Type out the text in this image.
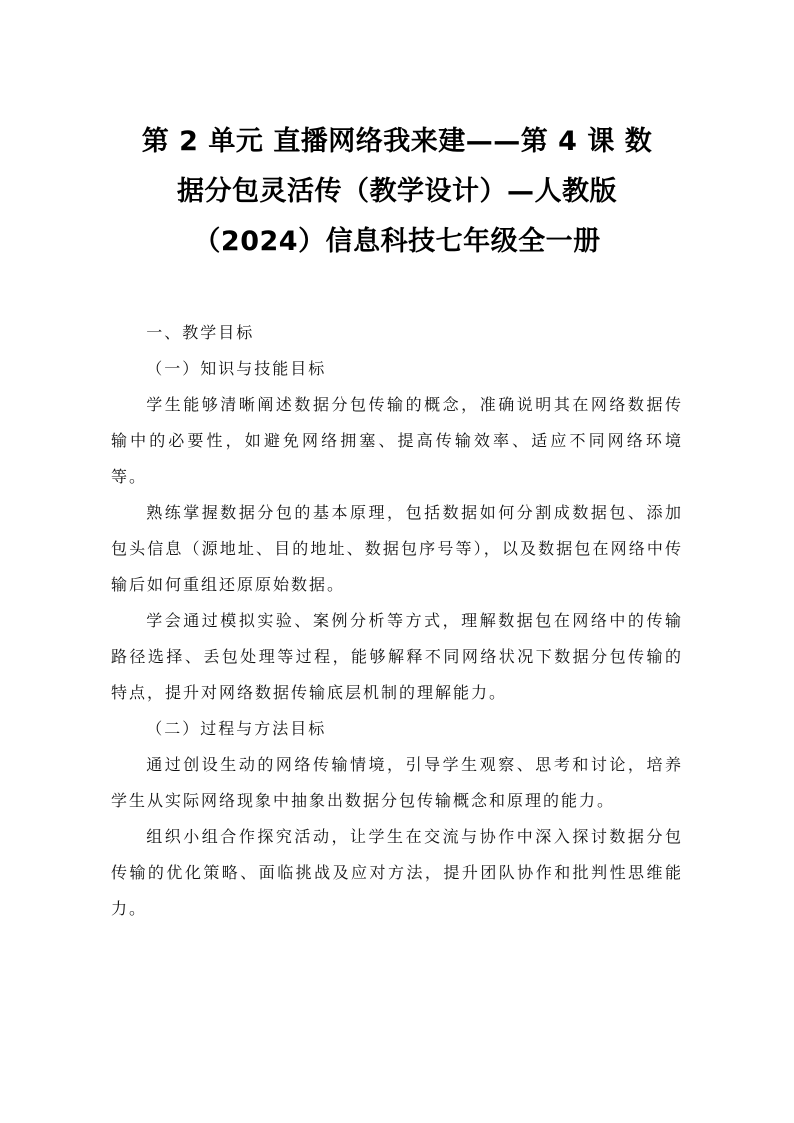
第 2 单元 直播网络我来建——第 4 课 数
据分包灵活传（教学设计）—人教版
（2024）信息科技七年级全一册

一、教学目标

（一）知识与技能目标

学生能够清晰阐述数据分包传输的概念，准确说明其在网络数据传输中的必要性，如避免网络拥塞、提高传输效率、适应不同网络环境等。

熟练掌握数据分包的基本原理，包括数据如何分割成数据包、添加包头信息（源地址、目的地址、数据包序号等），以及数据包在网络中传输后如何重组还原原始数据。

学会通过模拟实验、案例分析等方式，理解数据包在网络中的传输路径选择、丢包处理等过程，能够解释不同网络状况下数据分包传输的特点，提升对网络数据传输底层机制的理解能力。

（二）过程与方法目标

通过创设生动的网络传输情境，引导学生观察、思考和讨论，培养学生从实际网络现象中抽象出数据分包传输概念和原理的能力。

组织小组合作探究活动，让学生在交流与协作中深入探讨数据分包传输的优化策略、面临挑战及应对方法，提升团队协作和批判性思维能力。
